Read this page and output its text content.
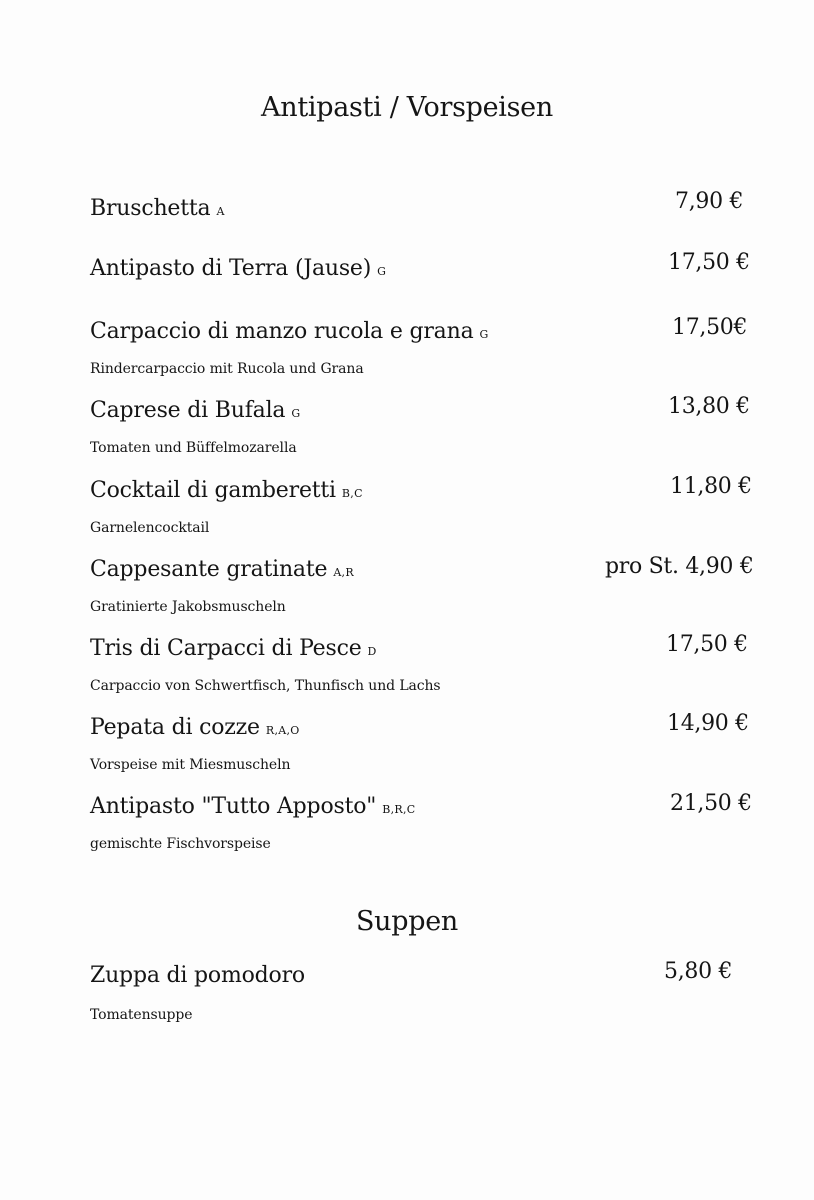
Antipasti / Vorspeisen
Bruschetta A	7,90 €
Antipasto di Terra (Jause) G	17,50 €
Carpaccio di manzo rucola e grana G	17,50€
Rindercarpaccio mit Rucola und Grana
Caprese di Bufala G	13,80 €
Tomaten und Büffelmozarella
Cocktail di gamberetti B,C	11,80 €
Garnelencocktail
Cappesante gratinate A,R	pro St. 4,90 €
Gratinierte Jakobsmuscheln
Tris di Carpacci di Pesce D	17,50 €
Carpaccio von Schwertfisch, Thunfisch und Lachs
Pepata di cozze R,A,O	14,90 €
Vorspeise mit Miesmuscheln
Antipasto "Tutto Apposto" B,R,C	21,50 €
gemischte Fischvorspeise
Suppen
Zuppa di pomodoro	5,80 €
Tomatensuppe
